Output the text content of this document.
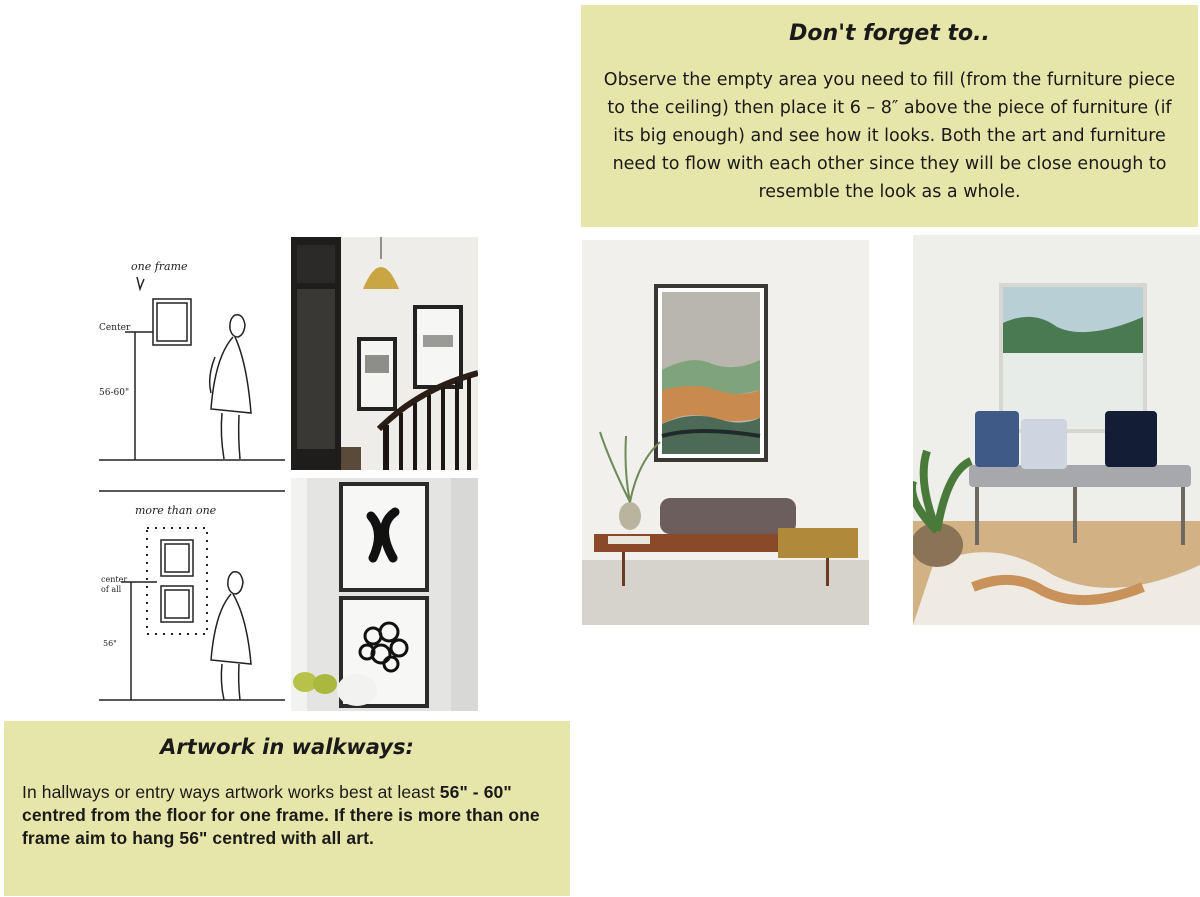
Don't forget to..

Observe the empty area you need to fill (from the furniture piece to the ceiling) then place it 6 – 8″ above the piece of furniture (if its big enough) and see how it looks. Both the art and furniture need to flow with each other since they will be close enough to resemble the look as a whole.

one frame
Center
56-60"
more than one
center
of all
56"
Artwork in walkways:

In hallways or entry ways artwork works best at least 56" - 60" centred from the floor for one frame. If there is more than one frame aim to hang 56" centred with all art.
